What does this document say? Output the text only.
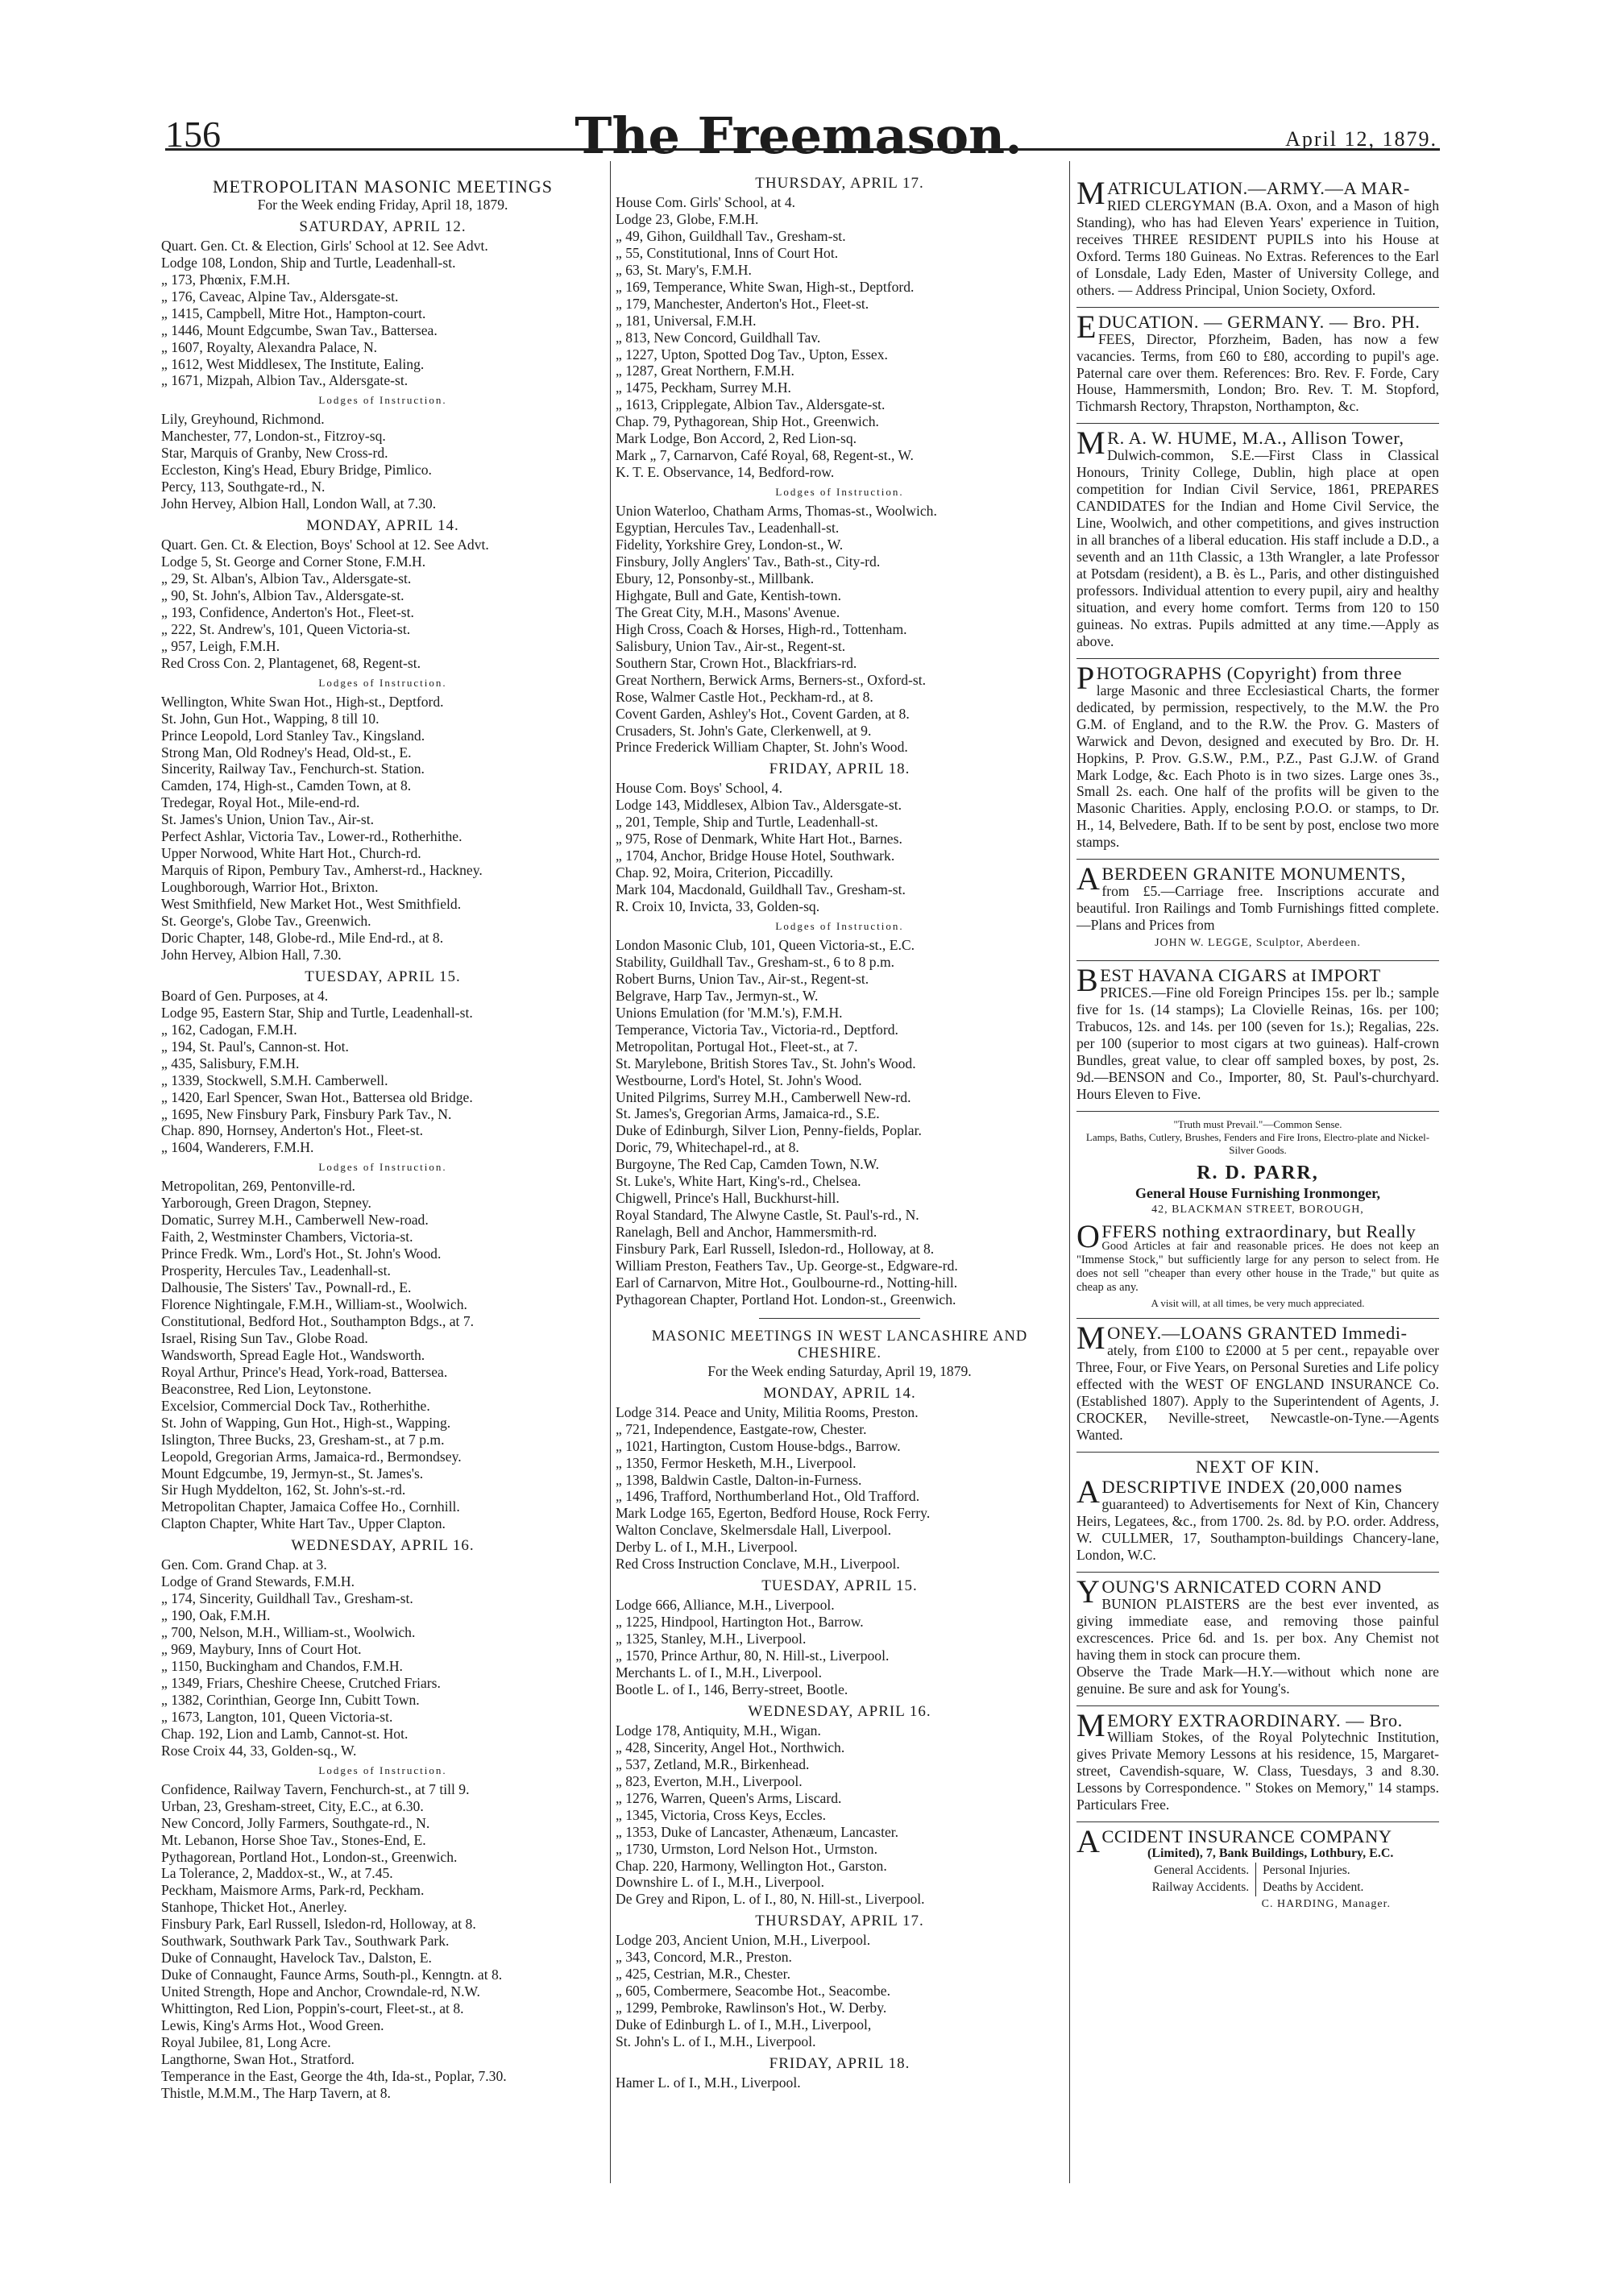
156	The Freemason.	April 12, 1879.
METROPOLITAN MASONIC MEETINGS
For the Week ending Friday, April 18, 1879.
SATURDAY, APRIL 12.
Quart. Gen. Ct. & Election, Girls' School at 12. See Advt.
Lodge 108, London, Ship and Turtle, Leadenhall-st.
„ 173, Phœnix, F.M.H.
„ 176, Caveac, Alpine Tav., Aldersgate-st.
„ 1415, Campbell, Mitre Hot., Hampton-court.
„ 1446, Mount Edgcumbe, Swan Tav., Battersea.
„ 1607, Royalty, Alexandra Palace, N.
„ 1612, West Middlesex, The Institute, Ealing.
„ 1671, Mizpah, Albion Tav., Aldersgate-st.
Lodges of Instruction.
Lily, Greyhound, Richmond.
Manchester, 77, London-st., Fitzroy-sq.
Star, Marquis of Granby, New Cross-rd.
Eccleston, King's Head, Ebury Bridge, Pimlico.
Percy, 113, Southgate-rd., N.
John Hervey, Albion Hall, London Wall, at 7.30.
MONDAY, APRIL 14.
Quart. Gen. Ct. & Election, Boys' School at 12. See Advt.
Lodge 5, St. George and Corner Stone, F.M.H.
„ 29, St. Alban's, Albion Tav., Aldersgate-st.
„ 90, St. John's, Albion Tav., Aldersgate-st.
„ 193, Confidence, Anderton's Hot., Fleet-st.
„ 222, St. Andrew's, 101, Queen Victoria-st.
„ 957, Leigh, F.M.H.
Red Cross Con. 2, Plantagenet, 68, Regent-st.
Lodges of Instruction.
Wellington, White Swan Hot., High-st., Deptford.
St. John, Gun Hot., Wapping, 8 till 10.
Prince Leopold, Lord Stanley Tav., Kingsland.
Strong Man, Old Rodney's Head, Old-st., E.
Sincerity, Railway Tav., Fenchurch-st. Station.
Camden, 174, High-st., Camden Town, at 8.
Tredegar, Royal Hot., Mile-end-rd.
St. James's Union, Union Tav., Air-st.
Perfect Ashlar, Victoria Tav., Lower-rd., Rotherhithe.
Upper Norwood, White Hart Hot., Church-rd.
Marquis of Ripon, Pembury Tav., Amherst-rd., Hackney.
Loughborough, Warrior Hot., Brixton.
West Smithfield, New Market Hot., West Smithfield.
St. George's, Globe Tav., Greenwich.
Doric Chapter, 148, Globe-rd., Mile End-rd., at 8.
John Hervey, Albion Hall, 7.30.
TUESDAY, APRIL 15.
Board of Gen. Purposes, at 4.
Lodge 95, Eastern Star, Ship and Turtle, Leadenhall-st.
„ 162, Cadogan, F.M.H.
„ 194, St. Paul's, Cannon-st. Hot.
„ 435, Salisbury, F.M.H.
„ 1339, Stockwell, S.M.H. Camberwell.
„ 1420, Earl Spencer, Swan Hot., Battersea old Bridge.
„ 1695, New Finsbury Park, Finsbury Park Tav., N.
Chap. 890, Hornsey, Anderton's Hot., Fleet-st.
„ 1604, Wanderers, F.M.H.
Lodges of Instruction.
Metropolitan, 269, Pentonville-rd.
Yarborough, Green Dragon, Stepney.
Domatic, Surrey M.H., Camberwell New-road.
Faith, 2, Westminster Chambers, Victoria-st.
Prince Fredk. Wm., Lord's Hot., St. John's Wood.
Prosperity, Hercules Tav., Leadenhall-st.
Dalhousie, The Sisters' Tav., Pownall-rd., E.
Florence Nightingale, F.M.H., William-st., Woolwich.
Constitutional, Bedford Hot., Southampton Bdgs., at 7.
Israel, Rising Sun Tav., Globe Road.
Wandsworth, Spread Eagle Hot., Wandsworth.
Royal Arthur, Prince's Head, York-road, Battersea.
Beaconstree, Red Lion, Leytonstone.
Excelsior, Commercial Dock Tav., Rotherhithe.
St. John of Wapping, Gun Hot., High-st., Wapping.
Islington, Three Bucks, 23, Gresham-st., at 7 p.m.
Leopold, Gregorian Arms, Jamaica-rd., Bermondsey.
Mount Edgcumbe, 19, Jermyn-st., St. James's.
Sir Hugh Myddelton, 162, St. John's-st.-rd.
Metropolitan Chapter, Jamaica Coffee Ho., Cornhill.
Clapton Chapter, White Hart Tav., Upper Clapton.
WEDNESDAY, APRIL 16.
Gen. Com. Grand Chap. at 3.
Lodge of Grand Stewards, F.M.H.
„ 174, Sincerity, Guildhall Tav., Gresham-st.
„ 190, Oak, F.M.H.
„ 700, Nelson, M.H., William-st., Woolwich.
„ 969, Maybury, Inns of Court Hot.
„ 1150, Buckingham and Chandos, F.M.H.
„ 1349, Friars, Cheshire Cheese, Crutched Friars.
„ 1382, Corinthian, George Inn, Cubitt Town.
„ 1673, Langton, 101, Queen Victoria-st.
Chap. 192, Lion and Lamb, Cannot-st. Hot.
Rose Croix 44, 33, Golden-sq., W.
Lodges of Instruction.
Confidence, Railway Tavern, Fenchurch-st., at 7 till 9.
Urban, 23, Gresham-street, City, E.C., at 6.30.
New Concord, Jolly Farmers, Southgate-rd., N.
Mt. Lebanon, Horse Shoe Tav., Stones-End, E.
Pythagorean, Portland Hot., London-st., Greenwich.
La Tolerance, 2, Maddox-st., W., at 7.45.
Peckham, Maismore Arms, Park-rd, Peckham.
Stanhope, Thicket Hot., Anerley.
Finsbury Park, Earl Russell, Isledon-rd, Holloway, at 8.
Southwark, Southwark Park Tav., Southwark Park.
Duke of Connaught, Havelock Tav., Dalston, E.
Duke of Connaught, Faunce Arms, South-pl., Kenngtn. at 8.
United Strength, Hope and Anchor, Crowndale-rd, N.W.
Whittington, Red Lion, Poppin's-court, Fleet-st., at 8.
Lewis, King's Arms Hot., Wood Green.
Royal Jubilee, 81, Long Acre.
Langthorne, Swan Hot., Stratford.
Temperance in the East, George the 4th, Ida-st., Poplar, 7.30.
Thistle, M.M.M., The Harp Tavern, at 8.
THURSDAY, APRIL 17.
House Com. Girls' School, at 4.
Lodge 23, Globe, F.M.H.
„ 49, Gihon, Guildhall Tav., Gresham-st.
„ 55, Constitutional, Inns of Court Hot.
„ 63, St. Mary's, F.M.H.
„ 169, Temperance, White Swan, High-st., Deptford.
„ 179, Manchester, Anderton's Hot., Fleet-st.
„ 181, Universal, F.M.H.
„ 813, New Concord, Guildhall Tav.
„ 1227, Upton, Spotted Dog Tav., Upton, Essex.
„ 1287, Great Northern, F.M.H.
„ 1475, Peckham, Surrey M.H.
„ 1613, Cripplegate, Albion Tav., Aldersgate-st.
Chap. 79, Pythagorean, Ship Hot., Greenwich.
Mark Lodge, Bon Accord, 2, Red Lion-sq.
Mark „ 7, Carnarvon, Café Royal, 68, Regent-st., W.
K. T. E. Observance, 14, Bedford-row.
Lodges of Instruction.
Union Waterloo, Chatham Arms, Thomas-st., Woolwich.
Egyptian, Hercules Tav., Leadenhall-st.
Fidelity, Yorkshire Grey, London-st., W.
Finsbury, Jolly Anglers' Tav., Bath-st., City-rd.
Ebury, 12, Ponsonby-st., Millbank.
Highgate, Bull and Gate, Kentish-town.
The Great City, M.H., Masons' Avenue.
High Cross, Coach & Horses, High-rd., Tottenham.
Salisbury, Union Tav., Air-st., Regent-st.
Southern Star, Crown Hot., Blackfriars-rd.
Great Northern, Berwick Arms, Berners-st., Oxford-st.
Rose, Walmer Castle Hot., Peckham-rd., at 8.
Covent Garden, Ashley's Hot., Covent Garden, at 8.
Crusaders, St. John's Gate, Clerkenwell, at 9.
Prince Frederick William Chapter, St. John's Wood.
FRIDAY, APRIL 18.
House Com. Boys' School, 4.
Lodge 143, Middlesex, Albion Tav., Aldersgate-st.
„ 201, Temple, Ship and Turtle, Leadenhall-st.
„ 975, Rose of Denmark, White Hart Hot., Barnes.
„ 1704, Anchor, Bridge House Hotel, Southwark.
Chap. 92, Moira, Criterion, Piccadilly.
Mark 104, Macdonald, Guildhall Tav., Gresham-st.
R. Croix 10, Invicta, 33, Golden-sq.
Lodges of Instruction.
London Masonic Club, 101, Queen Victoria-st., E.C.
Stability, Guildhall Tav., Gresham-st., 6 to 8 p.m.
Robert Burns, Union Tav., Air-st., Regent-st.
Belgrave, Harp Tav., Jermyn-st., W.
Unions Emulation (for 'M.M.'s), F.M.H.
Temperance, Victoria Tav., Victoria-rd., Deptford.
Metropolitan, Portugal Hot., Fleet-st., at 7.
St. Marylebone, British Stores Tav., St. John's Wood.
Westbourne, Lord's Hotel, St. John's Wood.
United Pilgrims, Surrey M.H., Camberwell New-rd.
St. James's, Gregorian Arms, Jamaica-rd., S.E.
Duke of Edinburgh, Silver Lion, Penny-fields, Poplar.
Doric, 79, Whitechapel-rd., at 8.
Burgoyne, The Red Cap, Camden Town, N.W.
St. Luke's, White Hart, King's-rd., Chelsea.
Chigwell, Prince's Hall, Buckhurst-hill.
Royal Standard, The Alwyne Castle, St. Paul's-rd., N.
Ranelagh, Bell and Anchor, Hammersmith-rd.
Finsbury Park, Earl Russell, Isledon-rd., Holloway, at 8.
William Preston, Feathers Tav., Up. George-st., Edgware-rd.
Earl of Carnarvon, Mitre Hot., Goulbourne-rd., Notting-hill.
Pythagorean Chapter, Portland Hot. London-st., Greenwich.
MASONIC MEETINGS IN WEST LANCASHIRE AND CHESHIRE.
For the Week ending Saturday, April 19, 1879.
MONDAY, APRIL 14.
Lodge 314. Peace and Unity, Militia Rooms, Preston.
„ 721, Independence, Eastgate-row, Chester.
„ 1021, Hartington, Custom House-bdgs., Barrow.
„ 1350, Fermor Hesketh, M.H., Liverpool.
„ 1398, Baldwin Castle, Dalton-in-Furness.
„ 1496, Trafford, Northumberland Hot., Old Trafford.
Mark Lodge 165, Egerton, Bedford House, Rock Ferry.
Walton Conclave, Skelmersdale Hall, Liverpool.
Derby L. of I., M.H., Liverpool.
Red Cross Instruction Conclave, M.H., Liverpool.
TUESDAY, APRIL 15.
Lodge 666, Alliance, M.H., Liverpool.
„ 1225, Hindpool, Hartington Hot., Barrow.
„ 1325, Stanley, M.H., Liverpool.
„ 1570, Prince Arthur, 80, N. Hill-st., Liverpool.
Merchants L. of I., M.H., Liverpool.
Bootle L. of I., 146, Berry-street, Bootle.
WEDNESDAY, APRIL 16.
Lodge 178, Antiquity, M.H., Wigan.
„ 428, Sincerity, Angel Hot., Northwich.
„ 537, Zetland, M.R., Birkenhead.
„ 823, Everton, M.H., Liverpool.
„ 1276, Warren, Queen's Arms, Liscard.
„ 1345, Victoria, Cross Keys, Eccles.
„ 1353, Duke of Lancaster, Athenæum, Lancaster.
„ 1730, Urmston, Lord Nelson Hot., Urmston.
Chap. 220, Harmony, Wellington Hot., Garston.
Downshire L. of I., M.H., Liverpool.
De Grey and Ripon, L. of I., 80, N. Hill-st., Liverpool.
THURSDAY, APRIL 17.
Lodge 203, Ancient Union, M.H., Liverpool.
„ 343, Concord, M.R., Preston.
„ 425, Cestrian, M.R., Chester.
„ 605, Combermere, Seacombe Hot., Seacombe.
„ 1299, Pembroke, Rawlinson's Hot., W. Derby.
Duke of Edinburgh L. of I., M.H., Liverpool,
St. John's L. of I., M.H., Liverpool.
FRIDAY, APRIL 18.
Hamer L. of I., M.H., Liverpool.
MATRICULATION.—ARMY.—A MAR-

RIED CLERGYMAN (B.A. Oxon, and a Mason of high Standing), who has had Eleven Years' experience in Tuition, receives THREE RESIDENT PUPILS into his House at Oxford. Terms 180 Guineas. No Extras. References to the Earl of Lonsdale, Lady Eden, Master of University College, and others. — Address Principal, Union Society, Oxford.

EDUCATION. — GERMANY. — Bro. PH.

FEES, Director, Pforzheim, Baden, has now a few vacancies. Terms, from £60 to £80, according to pupil's age. Paternal care over them. References: Bro. Rev. F. Forde, Cary House, Hammersmith, London; Bro. Rev. T. M. Stopford, Tichmarsh Rectory, Thrapston, Northampton, &c.

M R. A. W. HUME, M.A., Allison Tower,

Dulwich-common, S.E.—First Class in Classical Honours, Trinity College, Dublin, high place at open competition for Indian Civil Service, 1861, PREPARES CANDIDATES for the Indian and Home Civil Service, the Line, Woolwich, and other competitions, and gives instruction in all branches of a liberal education. His staff include a D.D., a seventh and an 11th Classic, a 13th Wrangler, a late Professor at Potsdam (resident), a B. ès L., Paris, and other distinguished professors. Individual attention to every pupil, airy and healthy situation, and every home comfort. Terms from 120 to 150 guineas. No extras. Pupils admitted at any time.—Apply as above.

PHOTOGRAPHS (Copyright) from three

large Masonic and three Ecclesiastical Charts, the former dedicated, by permission, respectively, to the M.W. the Pro G.M. of England, and to the R.W. the Prov. G. Masters of Warwick and Devon, designed and executed by Bro. Dr. H. Hopkins, P. Prov. G.S.W., P.M., P.Z., Past G.J.W. of Grand Mark Lodge, &c. Each Photo is in two sizes. Large ones 3s., Small 2s. each. One half of the profits will be given to the Masonic Charities. Apply, enclosing P.O.O. or stamps, to Dr. H., 14, Belvedere, Bath. If to be sent by post, enclose two more stamps.

ABERDEEN GRANITE MONUMENTS,

from £5.—Carriage free. Inscriptions accurate and beautiful. Iron Railings and Tomb Furnishings fitted complete.—Plans and Prices from

JOHN W. LEGGE, Sculptor, Aberdeen.
BEST HAVANA CIGARS at IMPORT

PRICES.—Fine old Foreign Principes 15s. per lb.; sample five for 1s. (14 stamps); La Clovielle Reinas, 16s. per 100; Trabucos, 12s. and 14s. per 100 (seven for 1s.); Regalias, 22s. per 100 (superior to most cigars at two guineas). Half-crown Bundles, great value, to clear off sampled boxes, by post, 2s. 9d.—BENSON and Co., Importer, 80, St. Paul's-churchyard. Hours Eleven to Five.

"Truth must Prevail."—Common Sense.
Lamps, Baths, Cutlery, Brushes, Fenders and Fire Irons, Electro-plate and Nickel-Silver Goods.
R. D. PARR,
General House Furnishing Ironmonger,
42, BLACKMAN STREET, BOROUGH,
OFFERS nothing extraordinary, but Really

Good Articles at fair and reasonable prices. He does not keep an "Immense Stock," but sufficiently large for any person to select from. He does not sell "cheaper than every other house in the Trade," but quite as cheap as any.

A visit will, at all times, be very much appreciated.
MONEY.—LOANS GRANTED Immedi-

ately, from £100 to £2000 at 5 per cent., repayable over Three, Four, or Five Years, on Personal Sureties and Life policy effected with the WEST OF ENGLAND INSURANCE Co. (Established 1807). Apply to the Superintendent of Agents, J. CROCKER, Neville-street, Newcastle-on-Tyne.—Agents Wanted.

NEXT OF KIN.
ADESCRIPTIVE INDEX (20,000 names

guaranteed) to Advertisements for Next of Kin, Chancery Heirs, Legatees, &c., from 1700. 2s. 8d. by P.O. order. Address, W. CULLMER, 17, Southampton-buildings Chancery-lane, London, W.C.

YOUNG'S ARNICATED CORN AND

BUNION PLAISTERS are the best ever invented, as giving immediate ease, and removing those painful excrescences. Price 6d. and 1s. per box. Any Chemist not having them in stock can procure them.

Observe the Trade Mark—H.Y.—without which none are genuine. Be sure and ask for Young's.

MEMORY EXTRAORDINARY. — Bro.

William Stokes, of the Royal Polytechnic Institution, gives Private Memory Lessons at his residence, 15, Margaret-street, Cavendish-square, W. Class, Tuesdays, 3 and 8.30. Lessons by Correspondence. " Stokes on Memory," 14 stamps. Particulars Free.

ACCIDENT INSURANCE COMPANY
(Limited), 7, Bank Buildings, Lothbury, E.C.
General Accidents.
Railway Accidents.
Personal Injuries.
Deaths by Accident.
C. HARDING, Manager.
